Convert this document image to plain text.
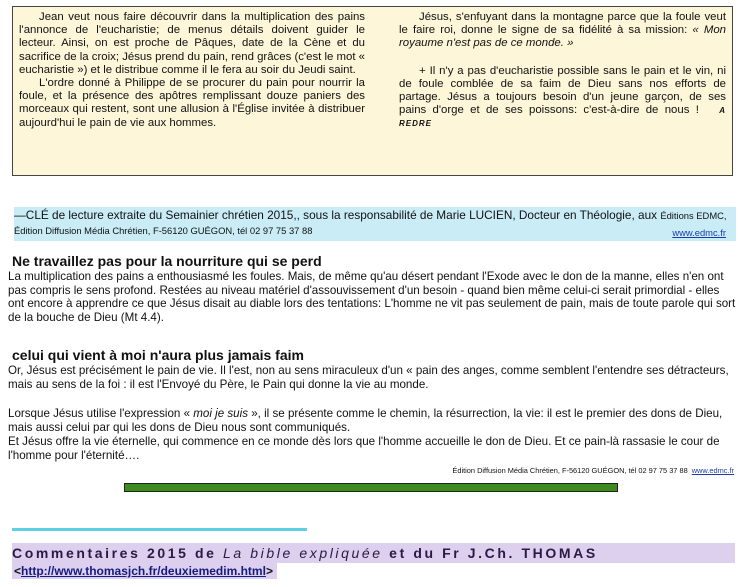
Jean veut nous faire découvrir dans la multiplication des pains l'annonce de l'eucharistie; de menus détails doivent guider le lecteur. Ainsi, on est proche de Pâques, date de la Cène et du sacrifice de la croix; Jésus prend du pain, rend grâces (c'est le mot « eucharistie ») et le distribue comme il le fera au soir du Jeudi saint.

L'ordre donné à Philippe de se procurer du pain pour nourrir la foule, et la présence des apôtres remplissant douze paniers des morceaux qui restent, sont une allusion à l'Église invitée à distribuer aujourd'hui le pain de vie aux hommes.

Jésus, s'enfuyant dans la montagne parce que la foule veut le faire roi, donne le signe de sa fidélité à sa mission: « Mon royaume n'est pas de ce monde. »

+ Il n'y a pas d'eucharistie possible sans le pain et le vin, ni de foule comblée de sa faim de Dieu sans nos efforts de partage. Jésus a toujours besoin d'un jeune garçon, de ses pains d'orge et de ses poissons: c'est-à-dire de nous !	A REDRE

—CLÉ de lecture extraite du Semainier chrétien 2015,, sous la responsabilité de Marie LUCIEN, Docteur en Théologie, aux Éditions EDMC, Édition Diffusion Média Chrétien, F-56120 GUÉGON, tél 02 97 75 37 88	www.edmc.fr
Ne travaillez pas pour la nourriture qui se perd

La multiplication des pains a enthousiasmé les foules. Mais, de même qu'au désert pendant l'Exode avec le don de la manne, elles n'en ont pas compris le sens profond. Restées au niveau matériel d'assouvissement d'un besoin - quand bien même celui-ci serait primordial - elles ont encore à apprendre ce que Jésus disait au diable lors des tentations: L'homme ne vit pas seulement de pain, mais de toute parole qui sort de la bouche de Dieu (Mt 4.4).

celui qui vient à moi n'aura plus jamais faim

Or, Jésus est précisément le pain de vie. Il l'est, non au sens miraculeux d'un « pain des anges, comme semblent l'entendre ses détracteurs, mais au sens de la foi : il est l'Envoyé du Père, le Pain qui donne la vie au monde.

Lorsque Jésus utilise l'expression « moi je suis », il se présente comme le chemin, la résurrection, la vie: il est le premier des dons de Dieu, mais aussi celui par qui les dons de Dieu nous sont communiqués.

Et Jésus offre la vie éternelle, qui commence en ce monde dès lors que l'homme accueille le don de Dieu. Et ce pain-là rassasie le cour de l'homme pour l'éternité….

Édition Diffusion Média Chrétien, F-56120 GUÉGON, tél 02 97 75 37 88 www.edmc.fr
Commentaires 2015 de La bible expliquée et du Fr J.Ch. THOMAS
<http://www.thomasjch.fr/deuxiemedim.html>
